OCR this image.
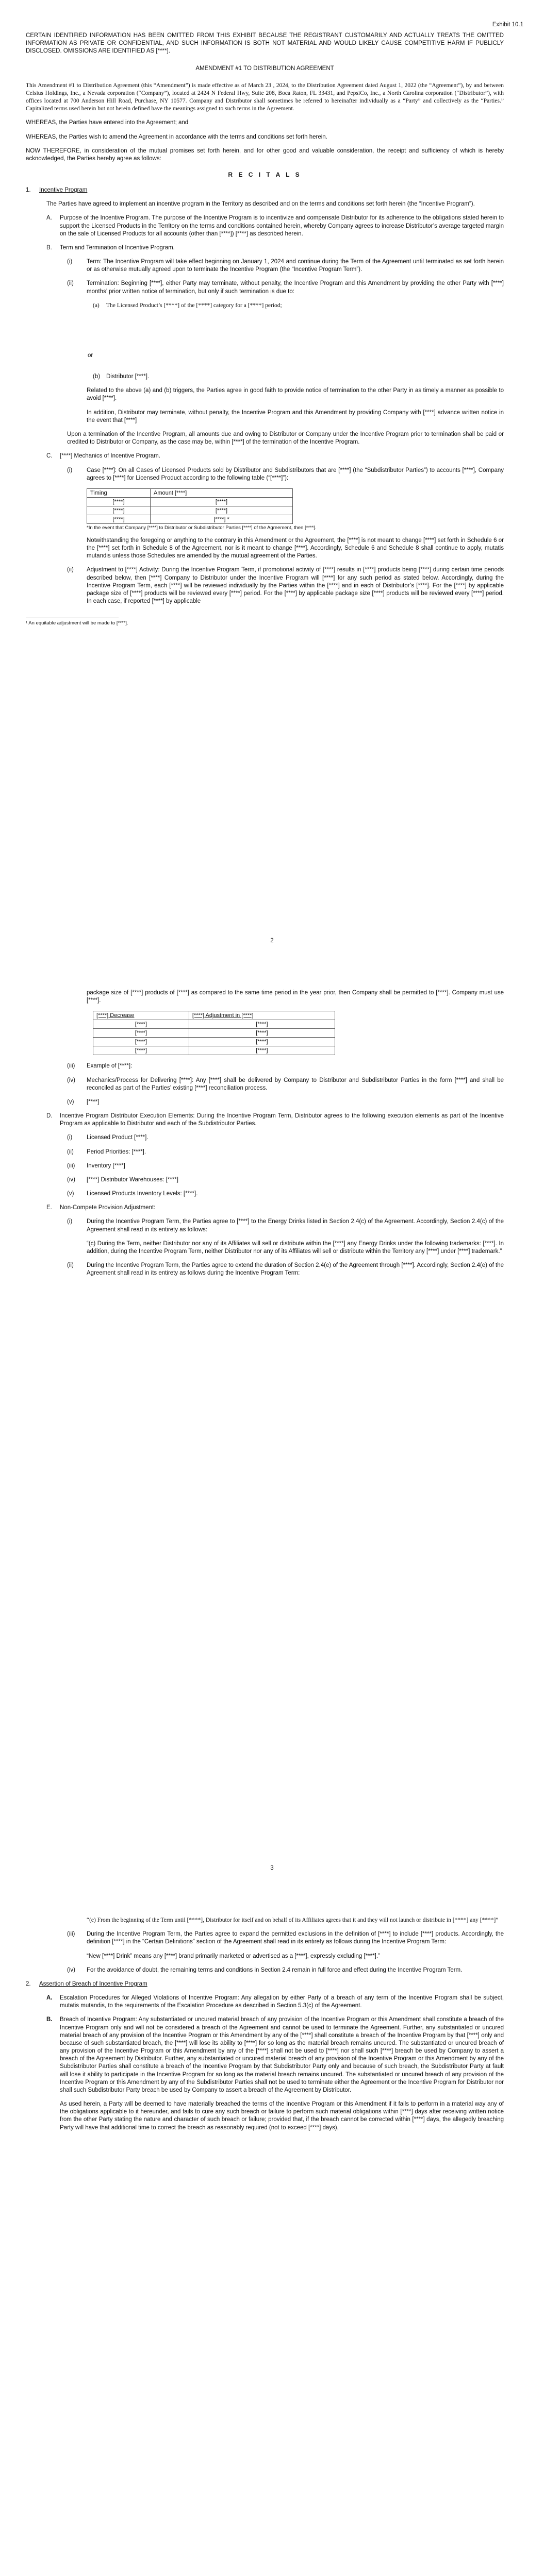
Exhibit 10.1

CERTAIN IDENTIFIED INFORMATION HAS BEEN OMITTED FROM THIS EXHIBIT BECAUSE THE REGISTRANT CUSTOMARILY AND ACTUALLY TREATS THE OMITTED INFORMATION AS PRIVATE OR CONFIDENTIAL, AND SUCH INFORMATION IS BOTH NOT MATERIAL AND WOULD LIKELY CAUSE COMPETITIVE HARM IF PUBLICLY DISCLOSED. OMISSIONS ARE IDENTIFIED AS [****].

AMENDMENT #1 TO DISTRIBUTION AGREEMENT

This Amendment #1 to Distribution Agreement (this “Amendment”) is made effective as of March 23 , 2024, to the Distribution Agreement dated August 1, 2022 (the “Agreement”), by and between Celsius Holdings, Inc., a Nevada corporation (“Company”), located at 2424 N Federal Hwy, Suite 208, Boca Raton, FL 33431, and PepsiCo, Inc., a North Carolina corporation (“Distributor”), with offices located at 700 Anderson Hill Road, Purchase, NY 10577. Company and Distributor shall sometimes be referred to hereinafter individually as a “Party” and collectively as the “Parties.” Capitalized terms used herein but not herein defined have the meanings assigned to such terms in the Agreement.

WHEREAS, the Parties have entered into the Agreement; and

WHEREAS, the Parties wish to amend the Agreement in accordance with the terms and conditions set forth herein.

NOW THEREFORE, in consideration of the mutual promises set forth herein, and for other good and valuable consideration, the receipt and sufficiency of which is hereby acknowledged, the Parties hereby agree as follows:

R E C I T A L S
1.	Incentive Program

The Parties have agreed to implement an incentive program in the Territory as described and on the terms and conditions set forth herein (the “Incentive Program”).

A.	Purpose of the Incentive Program. The purpose of the Incentive Program is to incentivize and compensate Distributor for its adherence to the obligations stated herein to support the Licensed Products in the Territory on the terms and conditions contained herein, whereby Company agrees to increase Distributor’s average targeted margin on the sale of Licensed Products for all accounts (other than [****]) [****] as described herein.
B.	Term and Termination of Incentive Program.
(i)	Term: The Incentive Program will take effect beginning on January 1, 2024 and continue during the Term of the Agreement until terminated as set forth herein or as otherwise mutually agreed upon to terminate the Incentive Program (the “Incentive Program Term”).
(ii)	Termination: Beginning [****], either Party may terminate, without penalty, the Incentive Program and this Amendment by providing the other Party with [****] months’ prior written notice of termination, but only if such termination is due to:
(a)	The Licensed Product’s [****] of the [****] category for a [****] period;

or

(b)	Distributor [****].

Related to the above (a) and (b) triggers, the Parties agree in good faith to provide notice of termination to the other Party in as timely a manner as possible to avoid [****].

In addition, Distributor may terminate, without penalty, the Incentive Program and this Amendment by providing Company with [****] advance written notice in the event that [****]

Upon a termination of the Incentive Program, all amounts due and owing to Distributor or Company under the Incentive Program prior to termination shall be paid or credited to Distributor or Company, as the case may be, within [****] of the termination of the Incentive Program.

C.	[****] Mechanics of Incentive Program.
(i)	Case [****]: On all Cases of Licensed Products sold by Distributor and Subdistributors that are [****] (the “Subdistributor Parties”) to accounts [****], Company agrees to [****] for Licensed Product according to the following table (“[****]”):
Timing	Amount [****]
[****]	[****]
[****]	[****]
[****]	[****] *
*In the event that Company [****] to Distributor or Subdistributor Parties [****] of the Agreement, then [****].

Notwithstanding the foregoing or anything to the contrary in this Amendment or the Agreement, the [****] is not meant to change [****] set forth in Schedule 6 or the [****] set forth in Schedule 8 of the Agreement, nor is it meant to change [****]. Accordingly, Schedule 6 and Schedule 8 shall continue to apply, mutatis mutandis unless those Schedules are amended by the mutual agreement of the Parties.

(ii)	Adjustment to [****] Activity: During the Incentive Program Term, if promotional activity of [****] results in [****] products being [****] during certain time periods described below, then [****] Company to Distributor under the Incentive Program will [****] for any such period as stated below. Accordingly, during the Incentive Program Term, each [****] will be reviewed individually by the Parties within the [****] and in each of Distributor’s [****]. For the [****] by applicable package size of [****] products will be reviewed every [****] period. For the [****] by applicable package size [****] products will be reviewed every [****] period. In each case, if reported [****] by applicable
¹ An equitable adjustment will be made to [****].
2

package size of [****] products of [****] as compared to the same time period in the year prior, then Company shall be permitted to [****]. Company must use [****].

[****] Decrease	[****] Adjustment in [****]
[****]	[****]
[****]	[****]
[****]	[****]
[****]	[****]
(iii)	Example of [****]:
(iv)	Mechanics/Process for Delivering [****]: Any [****] shall be delivered by Company to Distributor and Subdistributor Parties in the form [****] and shall be reconciled as part of the Parties’ existing [****] reconciliation process.
(v)	[****]
D.	Incentive Program Distributor Execution Elements: During the Incentive Program Term, Distributor agrees to the following execution elements as part of the Incentive Program as applicable to Distributor and each of the Subdistributor Parties.
(i)	Licensed Product [****].
(ii)	Period Priorities: [****].
(iii)	Inventory [****]
(iv)	[****] Distributor Warehouses: [****]
(v)	Licensed Products Inventory Levels: [****].
E.	Non-Compete Provision Adjustment:
(i)	During the Incentive Program Term, the Parties agree to [****] to the Energy Drinks listed in Section 2.4(c) of the Agreement. Accordingly, Section 2.4(c) of the Agreement shall read in its entirety as follows:

“(c) During the Term, neither Distributor nor any of its Affiliates will sell or distribute within the [****] any Energy Drinks under the following trademarks: [****]. In addition, during the Incentive Program Term, neither Distributor nor any of its Affiliates will sell or distribute within the Territory any [****] under [****] trademark.”

(ii)	During the Incentive Program Term, the Parties agree to extend the duration of Section 2.4(e) of the Agreement through [****]. Accordingly, Section 2.4(e) of the Agreement shall read in its entirety as follows during the Incentive Program Term:
3

“(e) From the beginning of the Term until [****], Distributor for itself and on behalf of its Affiliates agrees that it and they will not launch or distribute in [****] any [****]”

(iii)	During the Incentive Program Term, the Parties agree to expand the permitted exclusions in the definition of [****] to include [****] products. Accordingly, the definition [****] in the “Certain Definitions” section of the Agreement shall read in its entirety as follows during the Incentive Program Term:

“New [****] Drink” means any [****] brand primarily marketed or advertised as a [****], expressly excluding [****].”

(iv)	For the avoidance of doubt, the remaining terms and conditions in Section 2.4 remain in full force and effect during the Incentive Program Term.
2.	Assertion of Breach of Incentive Program
A.	Escalation Procedures for Alleged Violations of Incentive Program: Any allegation by either Party of a breach of any term of the Incentive Program shall be subject, mutatis mutandis, to the requirements of the Escalation Procedure as described in Section 5.3(c) of the Agreement.
B.	Breach of Incentive Program: Any substantiated or uncured material breach of any provision of the Incentive Program or this Amendment shall constitute a breach of the Incentive Program only and will not be considered a breach of the Agreement and cannot be used to terminate the Agreement. Further, any substantiated or uncured material breach of any provision of the Incentive Program or this Amendment by any of the [****] shall constitute a breach of the Incentive Program by that [****] only and because of such substantiated breach, the [****] will lose its ability to [****] for so long as the material breach remains uncured. The substantiated or uncured breach of any provision of the Incentive Program or this Amendment by any of the [****] shall not be used to [****] nor shall such [****] breach be used by Company to assert a breach of the Agreement by Distributor. Further, any substantiated or uncured material breach of any provision of the Incentive Program or this Amendment by any of the Subdistributor Parties shall constitute a breach of the Incentive Program by that Subdistributor Party only and because of such breach, the Subdistributor Party at fault will lose it ability to participate in the Incentive Program for so long as the material breach remains uncured. The substantiated or uncured breach of any provision of the Incentive Program or this Amendment by any of the Subdistributor Parties shall not be used to terminate either the Agreement or the Incentive Program for Distributor nor shall such Subdistributor Party breach be used by Company to assert a breach of the Agreement by Distributor.

As used herein, a Party will be deemed to have materially breached the terms of the Incentive Program or this Amendment if it fails to perform in a material way any of the obligations applicable to it hereunder, and fails to cure any such breach or failure to perform such material obligations within [****] days after receiving written notice from the other Party stating the nature and character of such breach or failure; provided that, if the breach cannot be corrected within [****] days, the allegedly breaching Party will have that additional time to correct the breach as reasonably required (not to exceed [****] days),
